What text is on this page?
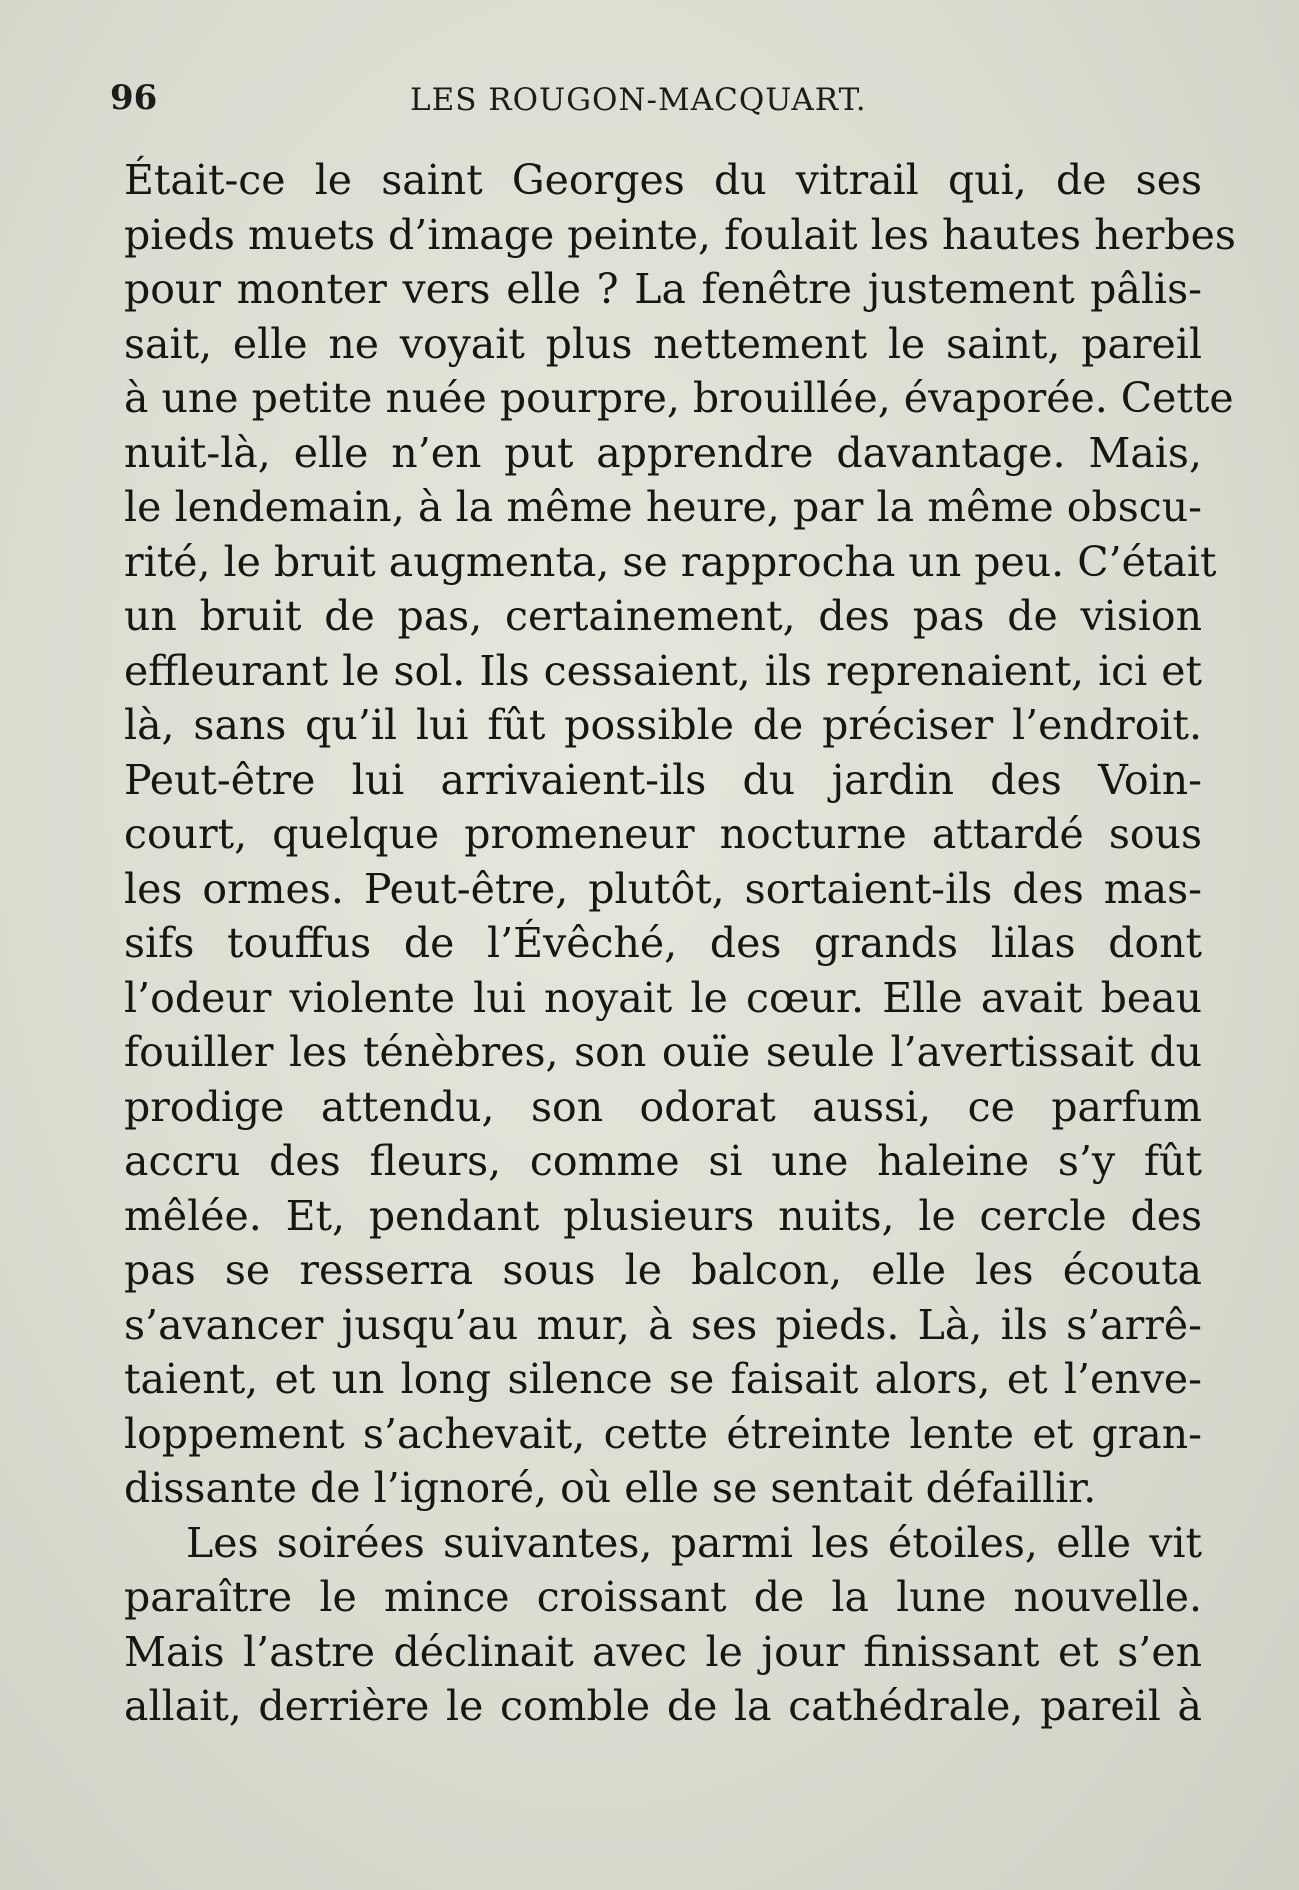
96	LES ROUGON-MACQUART.
Était-ce le saint Georges du vitrail qui, de ses
pieds muets d’image peinte, foulait les hautes herbes
pour monter vers elle ? La fenêtre justement pâlis-
sait, elle ne voyait plus nettement le saint, pareil
à une petite nuée pourpre, brouillée, évaporée. Cette
nuit-là, elle n’en put apprendre davantage. Mais,
le lendemain, à la même heure, par la même obscu-
rité, le bruit augmenta, se rapprocha un peu. C’était
un bruit de pas, certainement, des pas de vision
effleurant le sol. Ils cessaient, ils reprenaient, ici et
là, sans qu’il lui fût possible de préciser l’endroit.
Peut-être lui arrivaient-ils du jardin des Voin-
court, quelque promeneur nocturne attardé sous
les ormes. Peut-être, plutôt, sortaient-ils des mas-
sifs touffus de l’Évêché, des grands lilas dont
l’odeur violente lui noyait le cœur. Elle avait beau
fouiller les ténèbres, son ouïe seule l’avertissait du
prodige attendu, son odorat aussi, ce parfum
accru des fleurs, comme si une haleine s’y fût
mêlée. Et, pendant plusieurs nuits, le cercle des
pas se resserra sous le balcon, elle les écouta
s’avancer jusqu’au mur, à ses pieds. Là, ils s’arrê-
taient, et un long silence se faisait alors, et l’enve-
loppement s’achevait, cette étreinte lente et gran-
dissante de l’ignoré, où elle se sentait défaillir.
Les soirées suivantes, parmi les étoiles, elle vit
paraître le mince croissant de la lune nouvelle.
Mais l’astre déclinait avec le jour finissant et s’en
allait, derrière le comble de la cathédrale, pareil à
